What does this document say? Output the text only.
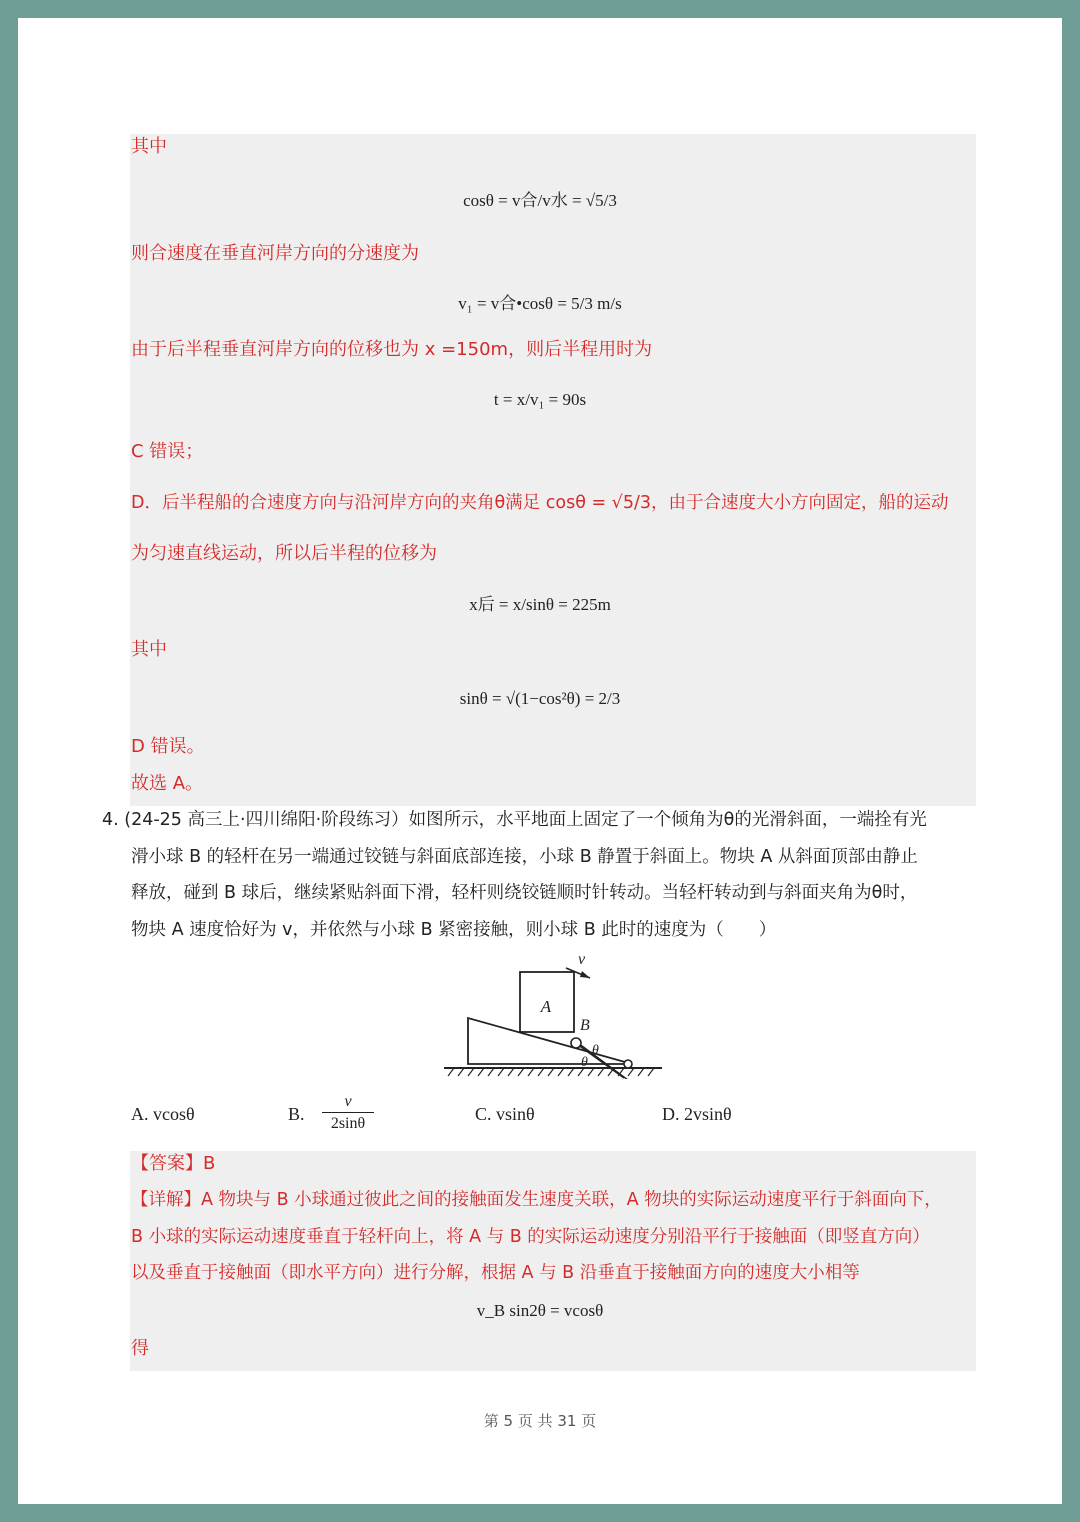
其中
cosθ = v合/v水 = √5/3
则合速度在垂直河岸方向的分速度为
v₁ = v合•cosθ = 5/3 m/s
由于后半程垂直河岸方向的位移也为 x =150m，则后半程用时为
t = x/v₁ = 90s
C 错误；
D．后半程船的合速度方向与沿河岸方向的夹角θ满足 cosθ = √5/3，由于合速度大小方向固定，船的运动
为匀速直线运动，所以后半程的位移为
x后 = x/sinθ = 225m
其中
sinθ = √(1−cos²θ) = 2/3
D 错误。
故选 A。
4. (24-25 高三上·四川绵阳·阶段练习）如图所示，水平地面上固定了一个倾角为θ的光滑斜面，一端拴有光
滑小球 B 的轻杆在另一端通过铰链与斜面底部连接，小球 B 静置于斜面上。物块 A 从斜面顶部由静止
释放，碰到 B 球后，继续紧贴斜面下滑，轻杆则绕铰链顺时针转动。当轻杆转动到与斜面夹角为θ时，
物块 A 速度恰好为 v，并依然与小球 B 紧密接触，则小球 B 此时的速度为（　　）
A
v
B
θ
θ
A. vcosθ	B. $\frac{v}{2\sin\theta}$	C. vsinθ	D. 2vsinθ
【答案】B
【详解】A 物块与 B 小球通过彼此之间的接触面发生速度关联，A 物块的实际运动速度平行于斜面向下，
B 小球的实际运动速度垂直于轻杆向上，将 A 与 B 的实际运动速度分别沿平行于接触面（即竖直方向）
以及垂直于接触面（即水平方向）进行分解，根据 A 与 B 沿垂直于接触面方向的速度大小相等
v_B sin2θ = vcosθ
得
第 5 页 共 31 页
